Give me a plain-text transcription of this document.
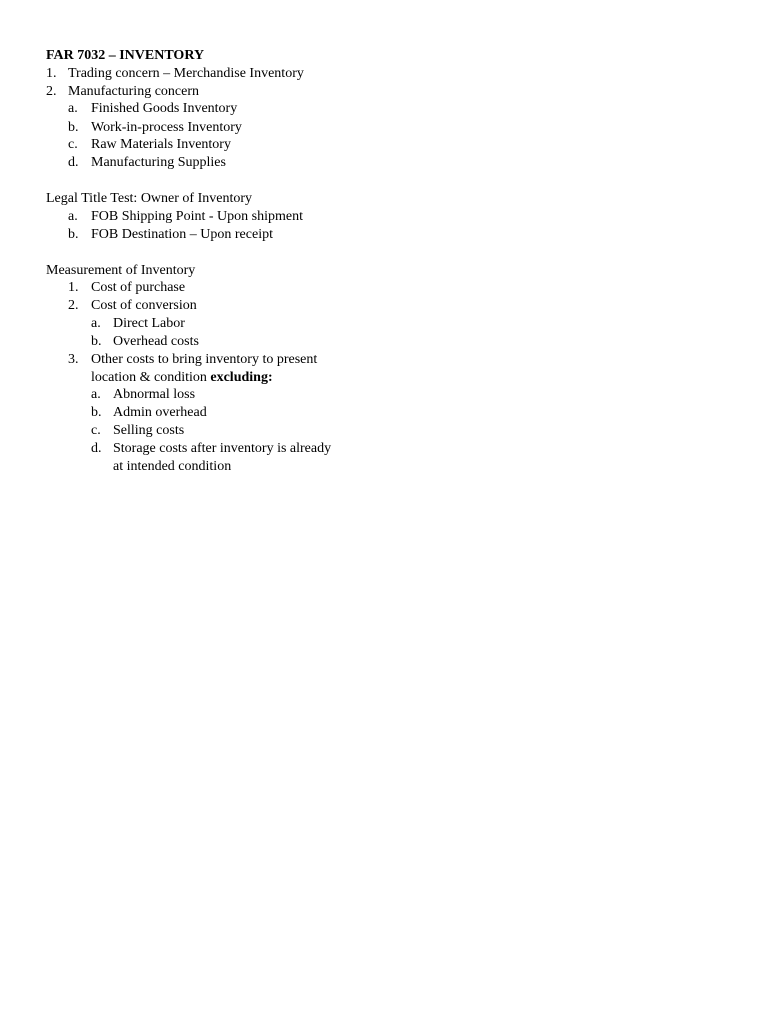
FAR 7032 – INVENTORY
1. Trading concern – Merchandise Inventory
2. Manufacturing concern
a. Finished Goods Inventory
b. Work-in-process Inventory
c. Raw Materials Inventory
d. Manufacturing Supplies
Legal Title Test: Owner of Inventory
a. FOB Shipping Point - Upon shipment
b. FOB Destination – Upon receipt
Measurement of Inventory
1. Cost of purchase
2. Cost of conversion
a. Direct Labor
b. Overhead costs
3. Other costs to bring inventory to present
location & condition excluding:
a. Abnormal loss
b. Admin overhead
c. Selling costs
d. Storage costs after inventory is already
at intended condition
